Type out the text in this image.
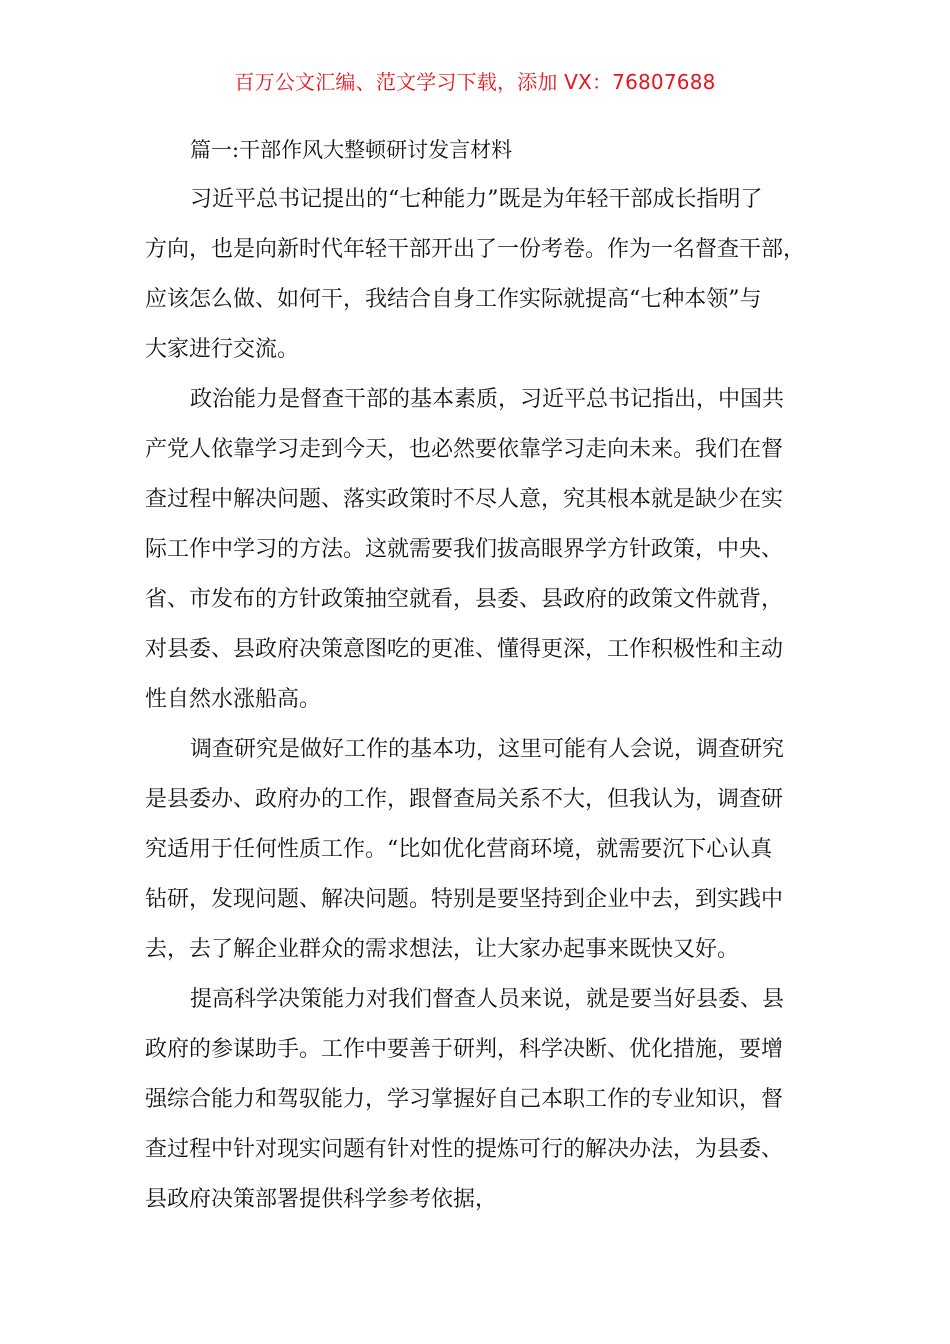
百万公文汇编、范文学习下载，添加 VX：76807688
篇一:干部作风大整顿研讨发言材料
习近平总书记提出的“七种能力”既是为年轻干部成长指明了
方向，也是向新时代年轻干部开出了一份考卷。作为一名督查干部，
应该怎么做、如何干，我结合自身工作实际就提高“七种本领”与
大家进行交流。
政治能力是督查干部的基本素质，习近平总书记指出，中国共
产党人依靠学习走到今天，也必然要依靠学习走向未来。我们在督
查过程中解决问题、落实政策时不尽人意，究其根本就是缺少在实
际工作中学习的方法。这就需要我们拔高眼界学方针政策，中央、
省、市发布的方针政策抽空就看，县委、县政府的政策文件就背，
对县委、县政府决策意图吃的更准、懂得更深，工作积极性和主动
性自然水涨船高。
调查研究是做好工作的基本功，这里可能有人会说，调查研究
是县委办、政府办的工作，跟督查局关系不大，但我认为，调查研
究适用于任何性质工作。“比如优化营商环境，就需要沉下心认真
钻研，发现问题、解决问题。特别是要坚持到企业中去，到实践中
去，去了解企业群众的需求想法，让大家办起事来既快又好。
提高科学决策能力对我们督查人员来说，就是要当好县委、县
政府的参谋助手。工作中要善于研判，科学决断、优化措施，要增
强综合能力和驾驭能力，学习掌握好自己本职工作的专业知识，督
查过程中针对现实问题有针对性的提炼可行的解决办法，为县委、
县政府决策部署提供科学参考依据，
